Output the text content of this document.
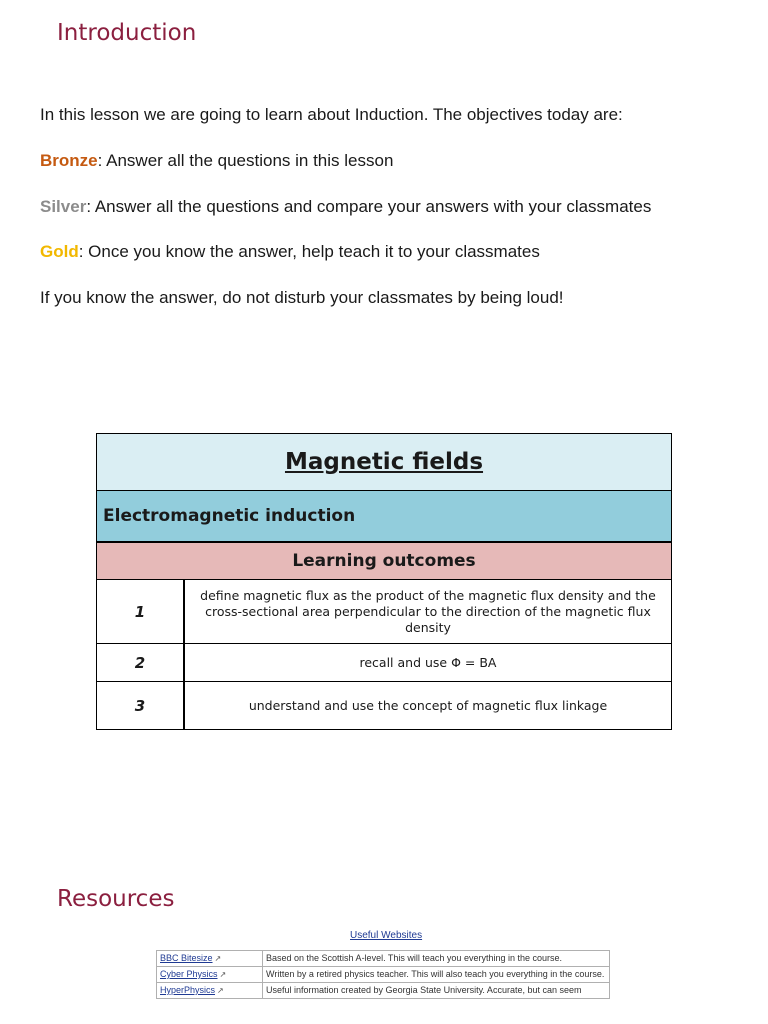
Introduction
In this lesson we are going to learn about Induction. The objectives today are:
Bronze: Answer all the questions in this lesson
Silver: Answer all the questions and compare your answers with your classmates
Gold: Once you know the answer, help teach it to your classmates
If you know the answer, do not disturb your classmates by being loud!
Magnetic fields	
Electromagnetic induction	
Learning outcomes	
1	define magnetic flux as the product of the magnetic flux density and the cross-sectional area perpendicular to the direction of the magnetic flux density
2	recall and use Φ = BA
3	understand and use the concept of magnetic flux linkage
Resources
Useful Websites
BBC Bitesize ↗	Based on the Scottish A-level. This will teach you everything in the course.
Cyber Physics ↗	Written by a retired physics teacher. This will also teach you everything in the course.
HyperPhysics ↗	Useful information created by Georgia State University. Accurate, but can seem
